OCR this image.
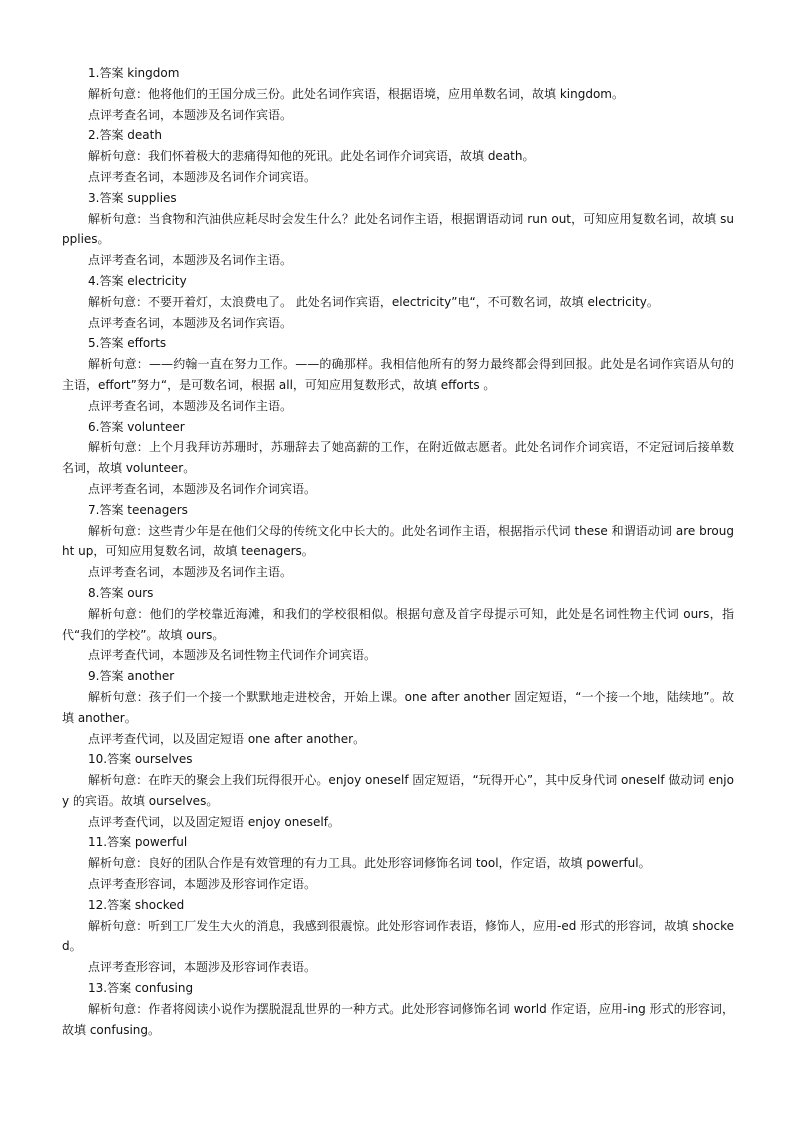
1.答案 kingdom
解析句意：他将他们的王国分成三份。此处名词作宾语，根据语境，应用单数名词，故填 kingdom。
点评考查名词，本题涉及名词作宾语。
2.答案 death
解析句意：我们怀着极大的悲痛得知他的死讯。此处名词作介词宾语，故填 death。
点评考查名词，本题涉及名词作介词宾语。
3.答案 supplies
解析句意：当食物和汽油供应耗尽时会发生什么？此处名词作主语，根据谓语动词 run out，可知应用复数名词，故填 supplies。
点评考查名词，本题涉及名词作主语。
4.答案 electricity
解析句意：不要开着灯，太浪费电了。 此处名词作宾语，electricity”电“，不可数名词，故填 electricity。
点评考查名词，本题涉及名词作宾语。
5.答案 efforts
解析句意：——约翰一直在努力工作。——的确那样。我相信他所有的努力最终都会得到回报。此处是名词作宾语从句的主语，effort”努力“，是可数名词，根据 all，可知应用复数形式，故填 efforts 。
点评考查名词，本题涉及名词作主语。
6.答案 volunteer
解析句意：上个月我拜访苏珊时，苏珊辞去了她高薪的工作，在附近做志愿者。此处名词作介词宾语，不定冠词后接单数名词，故填 volunteer。
点评考查名词，本题涉及名词作介词宾语。
7.答案 teenagers
解析句意：这些青少年是在他们父母的传统文化中长大的。此处名词作主语，根据指示代词 these 和谓语动词 are brought up，可知应用复数名词，故填 teenagers。
点评考查名词，本题涉及名词作主语。
8.答案 ours
解析句意：他们的学校靠近海滩，和我们的学校很相似。根据句意及首字母提示可知，此处是名词性物主代词 ours，指代“我们的学校”。故填 ours。
点评考查代词，本题涉及名词性物主代词作介词宾语。
9.答案 another
解析句意：孩子们一个接一个默默地走进校舍，开始上课。one after another 固定短语，“一个接一个地，陆续地”。故填 another。
点评考查代词，以及固定短语 one after another。
10.答案 ourselves
解析句意：在昨天的聚会上我们玩得很开心。enjoy oneself 固定短语，“玩得开心”，其中反身代词 oneself 做动词 enjoy 的宾语。故填 ourselves。
点评考查代词，以及固定短语 enjoy oneself。
11.答案 powerful
解析句意：良好的团队合作是有效管理的有力工具。此处形容词修饰名词 tool，作定语，故填 powerful。
点评考查形容词，本题涉及形容词作定语。
12.答案 shocked
解析句意：听到工厂发生大火的消息，我感到很震惊。此处形容词作表语，修饰人，应用-ed 形式的形容词，故填 shocked。
点评考查形容词，本题涉及形容词作表语。
13.答案 confusing
解析句意：作者将阅读小说作为摆脱混乱世界的一种方式。此处形容词修饰名词 world 作定语，应用-ing 形式的形容词，故填 confusing。
